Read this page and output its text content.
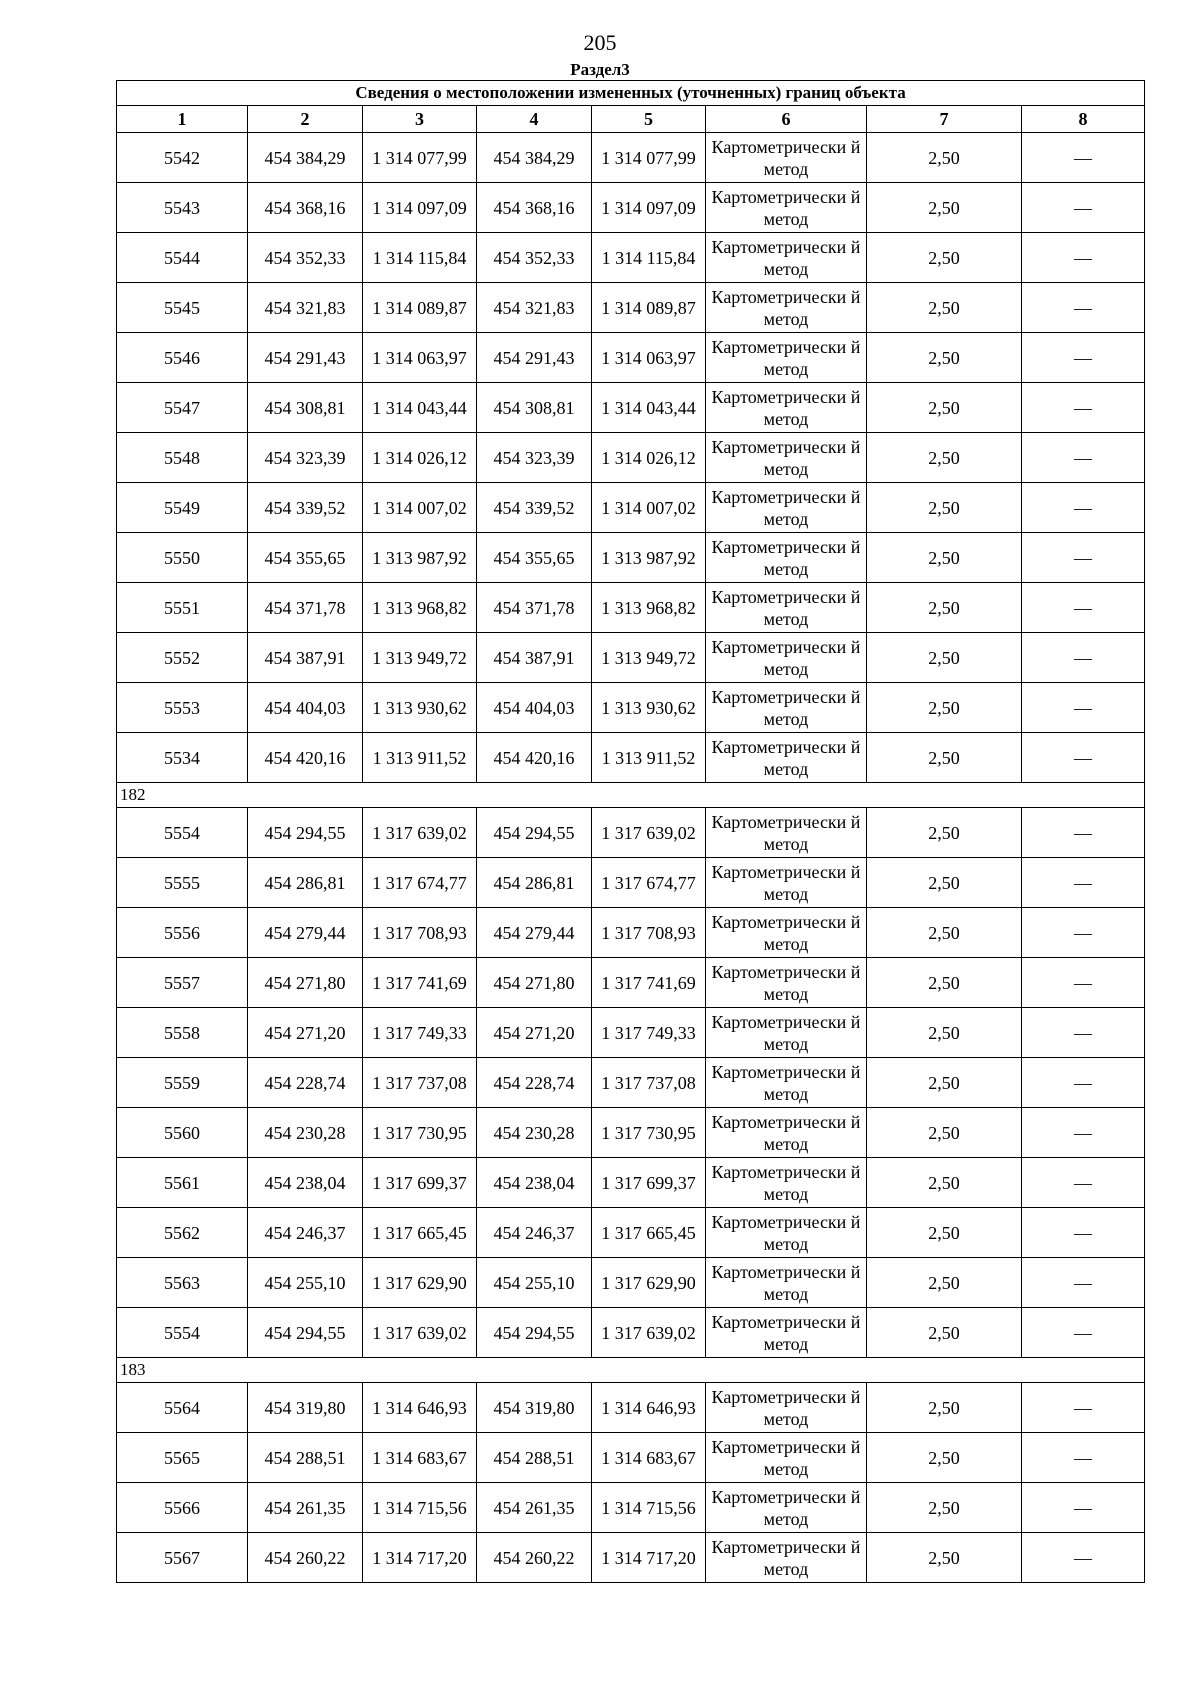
205
Раздел3
Сведения о местоположении измененных (уточненных) границ объекта							
1	2	3	4	5	6	7	8
5542	454 384,29	1 314 077,99	454 384,29	1 314 077,99	Картометрически й метод	2,50	—
5543	454 368,16	1 314 097,09	454 368,16	1 314 097,09	Картометрически й метод	2,50	—
5544	454 352,33	1 314 115,84	454 352,33	1 314 115,84	Картометрически й метод	2,50	—
5545	454 321,83	1 314 089,87	454 321,83	1 314 089,87	Картометрически й метод	2,50	—
5546	454 291,43	1 314 063,97	454 291,43	1 314 063,97	Картометрически й метод	2,50	—
5547	454 308,81	1 314 043,44	454 308,81	1 314 043,44	Картометрически й метод	2,50	—
5548	454 323,39	1 314 026,12	454 323,39	1 314 026,12	Картометрически й метод	2,50	—
5549	454 339,52	1 314 007,02	454 339,52	1 314 007,02	Картометрически й метод	2,50	—
5550	454 355,65	1 313 987,92	454 355,65	1 313 987,92	Картометрически й метод	2,50	—
5551	454 371,78	1 313 968,82	454 371,78	1 313 968,82	Картометрически й метод	2,50	—
5552	454 387,91	1 313 949,72	454 387,91	1 313 949,72	Картометрически й метод	2,50	—
5553	454 404,03	1 313 930,62	454 404,03	1 313 930,62	Картометрически й метод	2,50	—
5534	454 420,16	1 313 911,52	454 420,16	1 313 911,52	Картометрически й метод	2,50	—
182							
5554	454 294,55	1 317 639,02	454 294,55	1 317 639,02	Картометрически й метод	2,50	—
5555	454 286,81	1 317 674,77	454 286,81	1 317 674,77	Картометрически й метод	2,50	—
5556	454 279,44	1 317 708,93	454 279,44	1 317 708,93	Картометрически й метод	2,50	—
5557	454 271,80	1 317 741,69	454 271,80	1 317 741,69	Картометрически й метод	2,50	—
5558	454 271,20	1 317 749,33	454 271,20	1 317 749,33	Картометрически й метод	2,50	—
5559	454 228,74	1 317 737,08	454 228,74	1 317 737,08	Картометрически й метод	2,50	—
5560	454 230,28	1 317 730,95	454 230,28	1 317 730,95	Картометрически й метод	2,50	—
5561	454 238,04	1 317 699,37	454 238,04	1 317 699,37	Картометрически й метод	2,50	—
5562	454 246,37	1 317 665,45	454 246,37	1 317 665,45	Картометрически й метод	2,50	—
5563	454 255,10	1 317 629,90	454 255,10	1 317 629,90	Картометрически й метод	2,50	—
5554	454 294,55	1 317 639,02	454 294,55	1 317 639,02	Картометрически й метод	2,50	—
183							
5564	454 319,80	1 314 646,93	454 319,80	1 314 646,93	Картометрически й метод	2,50	—
5565	454 288,51	1 314 683,67	454 288,51	1 314 683,67	Картометрически й метод	2,50	—
5566	454 261,35	1 314 715,56	454 261,35	1 314 715,56	Картометрически й метод	2,50	—
5567	454 260,22	1 314 717,20	454 260,22	1 314 717,20	Картометрически й метод	2,50	—
